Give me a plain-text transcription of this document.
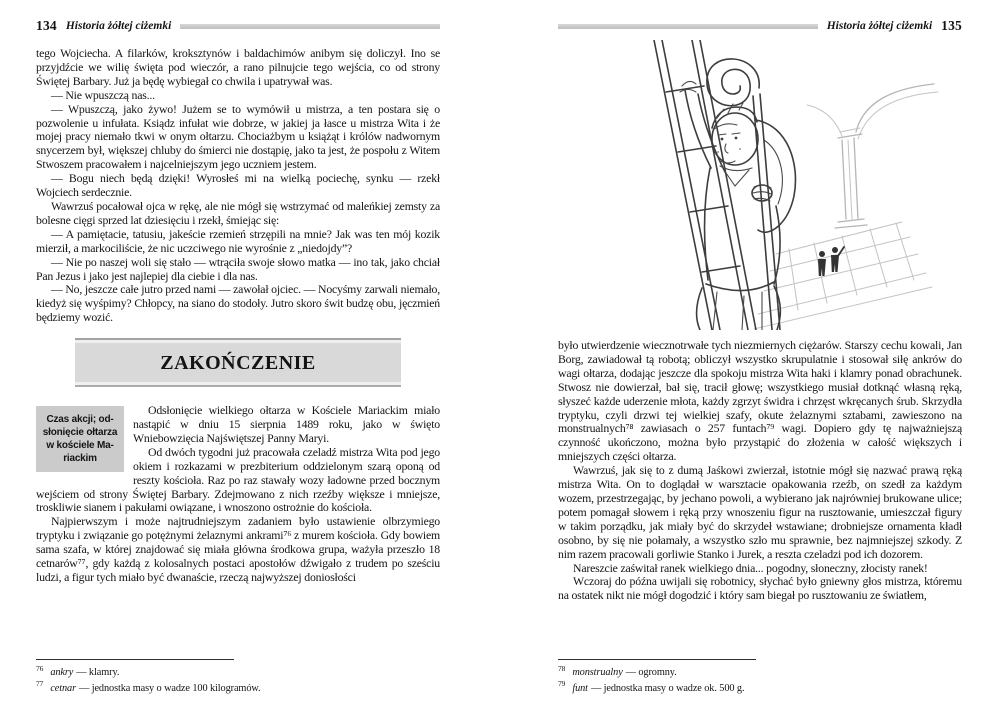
134 Historia żółtej ciżemki

tego Wojciecha. A filarków, kroksztynów i baldachimów anibym się doliczył. Ino se przyjdźcie we wilię święta pod wieczór, a rano pilnujcie tego wejścia, co od strony Świętej Barbary. Już ja będę wybiegał co chwila i upatrywał was.

— Nie wpuszczą nas...

— Wpuszczą, jako żywo! Jużem se to wymówił u mistrza, a ten postara się o pozwolenie u infułata. Ksiądz infułat wie dobrze, w jakiej ja łasce u mistrza Wita i że mojej pracy niemało tkwi w onym ołtarzu. Chociażbym u książąt i królów nadwornym snycerzem był, większej chluby do śmierci nie dostąpię, jako ta jest, że pospołu z Witem Stwoszem pracowałem i najcelniejszym jego uczniem jestem.

— Bogu niech będą dzięki! Wyrosłeś mi na wielką pociechę, synku — rzekł Wojciech serdecznie.

Wawrzuś pocałował ojca w rękę, ale nie mógł się wstrzymać od maleńkiej zemsty za bolesne cięgi sprzed lat dziesięciu i rzekł, śmiejąc się:

— A pamiętacie, tatusiu, jakeście rzemień strzępili na mnie? Jak was ten mój kozik mierził, a markociliście, że nic uczciwego nie wyrośnie z „niedojdy”?

— Nie po naszej woli się stało — wtrąciła swoje słowo matka — ino tak, jako chciał Pan Jezus i jako jest najlepiej dla ciebie i dla nas.

— No, jeszcze całe jutro przed nami — zawołał ojciec. — Nocyśmy zarwali niemało, kiedyż się wyśpimy? Chłopcy, na siano do stodoły. Jutro skoro świt budzę obu, jęczmień będziemy wozić.

ZAKOŃCZENIE
Czas akcji; od-
słonięcie ołtarza
w kościele Ma-
riackim

Odsłonięcie wielkiego ołtarza w Kościele Mariackim miało nastąpić w dniu 15 sierpnia 1489 roku, jako w święto Wniebowzięcia Najświętszej Panny Maryi.

Od dwóch tygodni już pracowała czeladź mistrza Wita pod jego okiem i rozkazami w prezbiterium oddzielonym szarą oponą od reszty kościoła. Raz po raz stawały wozy ładowne przed bocznym wejściem od strony Świętej Barbary. Zdejmowano z nich rzeźby większe i mniejsze, troskliwie sianem i pakułami owiązane, i wnoszono ostrożnie do kościoła.

Najpierwszym i może najtrudniejszym zadaniem było ustawienie olbrzymiego tryptyku i związanie go potężnymi żelaznymi ankrami⁷⁶ z murem kościoła. Gdy bowiem sama szafa, w której znajdować się miała główna środkowa grupa, ważyła przeszło 18 cetnarów⁷⁷, gdy każdą z kolosalnych postaci apostołów dźwigało z trudem po sześciu ludzi, a figur tych miało być dwanaście, rzeczą najwyższej doniosłości

$^{76}$ ankry — klamry.
$^{77}$ cetnar — jednostka masy o wadze 100 kilogramów.
Historia żółtej ciżemki 135

było utwierdzenie wiecznotrwałe tych niezmiernych ciężarów. Starszy cechu kowali, Jan Borg, zawiadował tą robotą; obliczył wszystko skrupulatnie i stosował siłę ankrów do wagi ołtarza, dodając jeszcze dla spokoju mistrza Wita haki i klamry ponad obrachunek. Stwosz nie dowierzał, bał się, tracił głowę; wszystkiego musiał dotknąć własną ręką, słyszeć każde uderzenie młota, każdy zgrzyt świdra i chrzęst wkręcanych śrub. Skrzydła tryptyku, czyli drzwi tej wielkiej szafy, okute żelaznymi sztabami, zawieszono na monstrualnych⁷⁸ zawiasach o 257 funtach⁷⁹ wagi. Dopiero gdy tę najważniejszą czynność ukończono, można było przystąpić do złożenia w całość większych i mniejszych części ołtarza.

Wawrzuś, jak się to z dumą Jaśkowi zwierzał, istotnie mógł się nazwać prawą ręką mistrza Wita. On to doglądał w warsztacie opakowania rzeźb, on szedł za każdym wozem, przestrzegając, by jechano powoli, a wybierano jak najrówniej brukowane ulice; potem pomagał słowem i ręką przy wnoszeniu figur na rusztowanie, umieszczał figury w takim porządku, jak miały być do skrzydeł wstawiane; drobniejsze ornamenta kładł osobno, by się nie połamały, a wszystko szło mu sprawnie, bez najmniejszej szkody. Z nim razem pracowali gorliwie Stanko i Jurek, a reszta czeladzi pod ich dozorem.

Nareszcie zaświtał ranek wielkiego dnia... pogodny, słoneczny, złocisty ranek!

Wczoraj do późna uwijali się robotnicy, słychać było gniewny głos mistrza, któremu na ostatek nikt nie mógł dogodzić i który sam biegał po rusztowaniu ze światłem,

$^{78}$ monstrualny — ogromny.
$^{79}$ funt — jednostka masy o wadze ok. 500 g.
